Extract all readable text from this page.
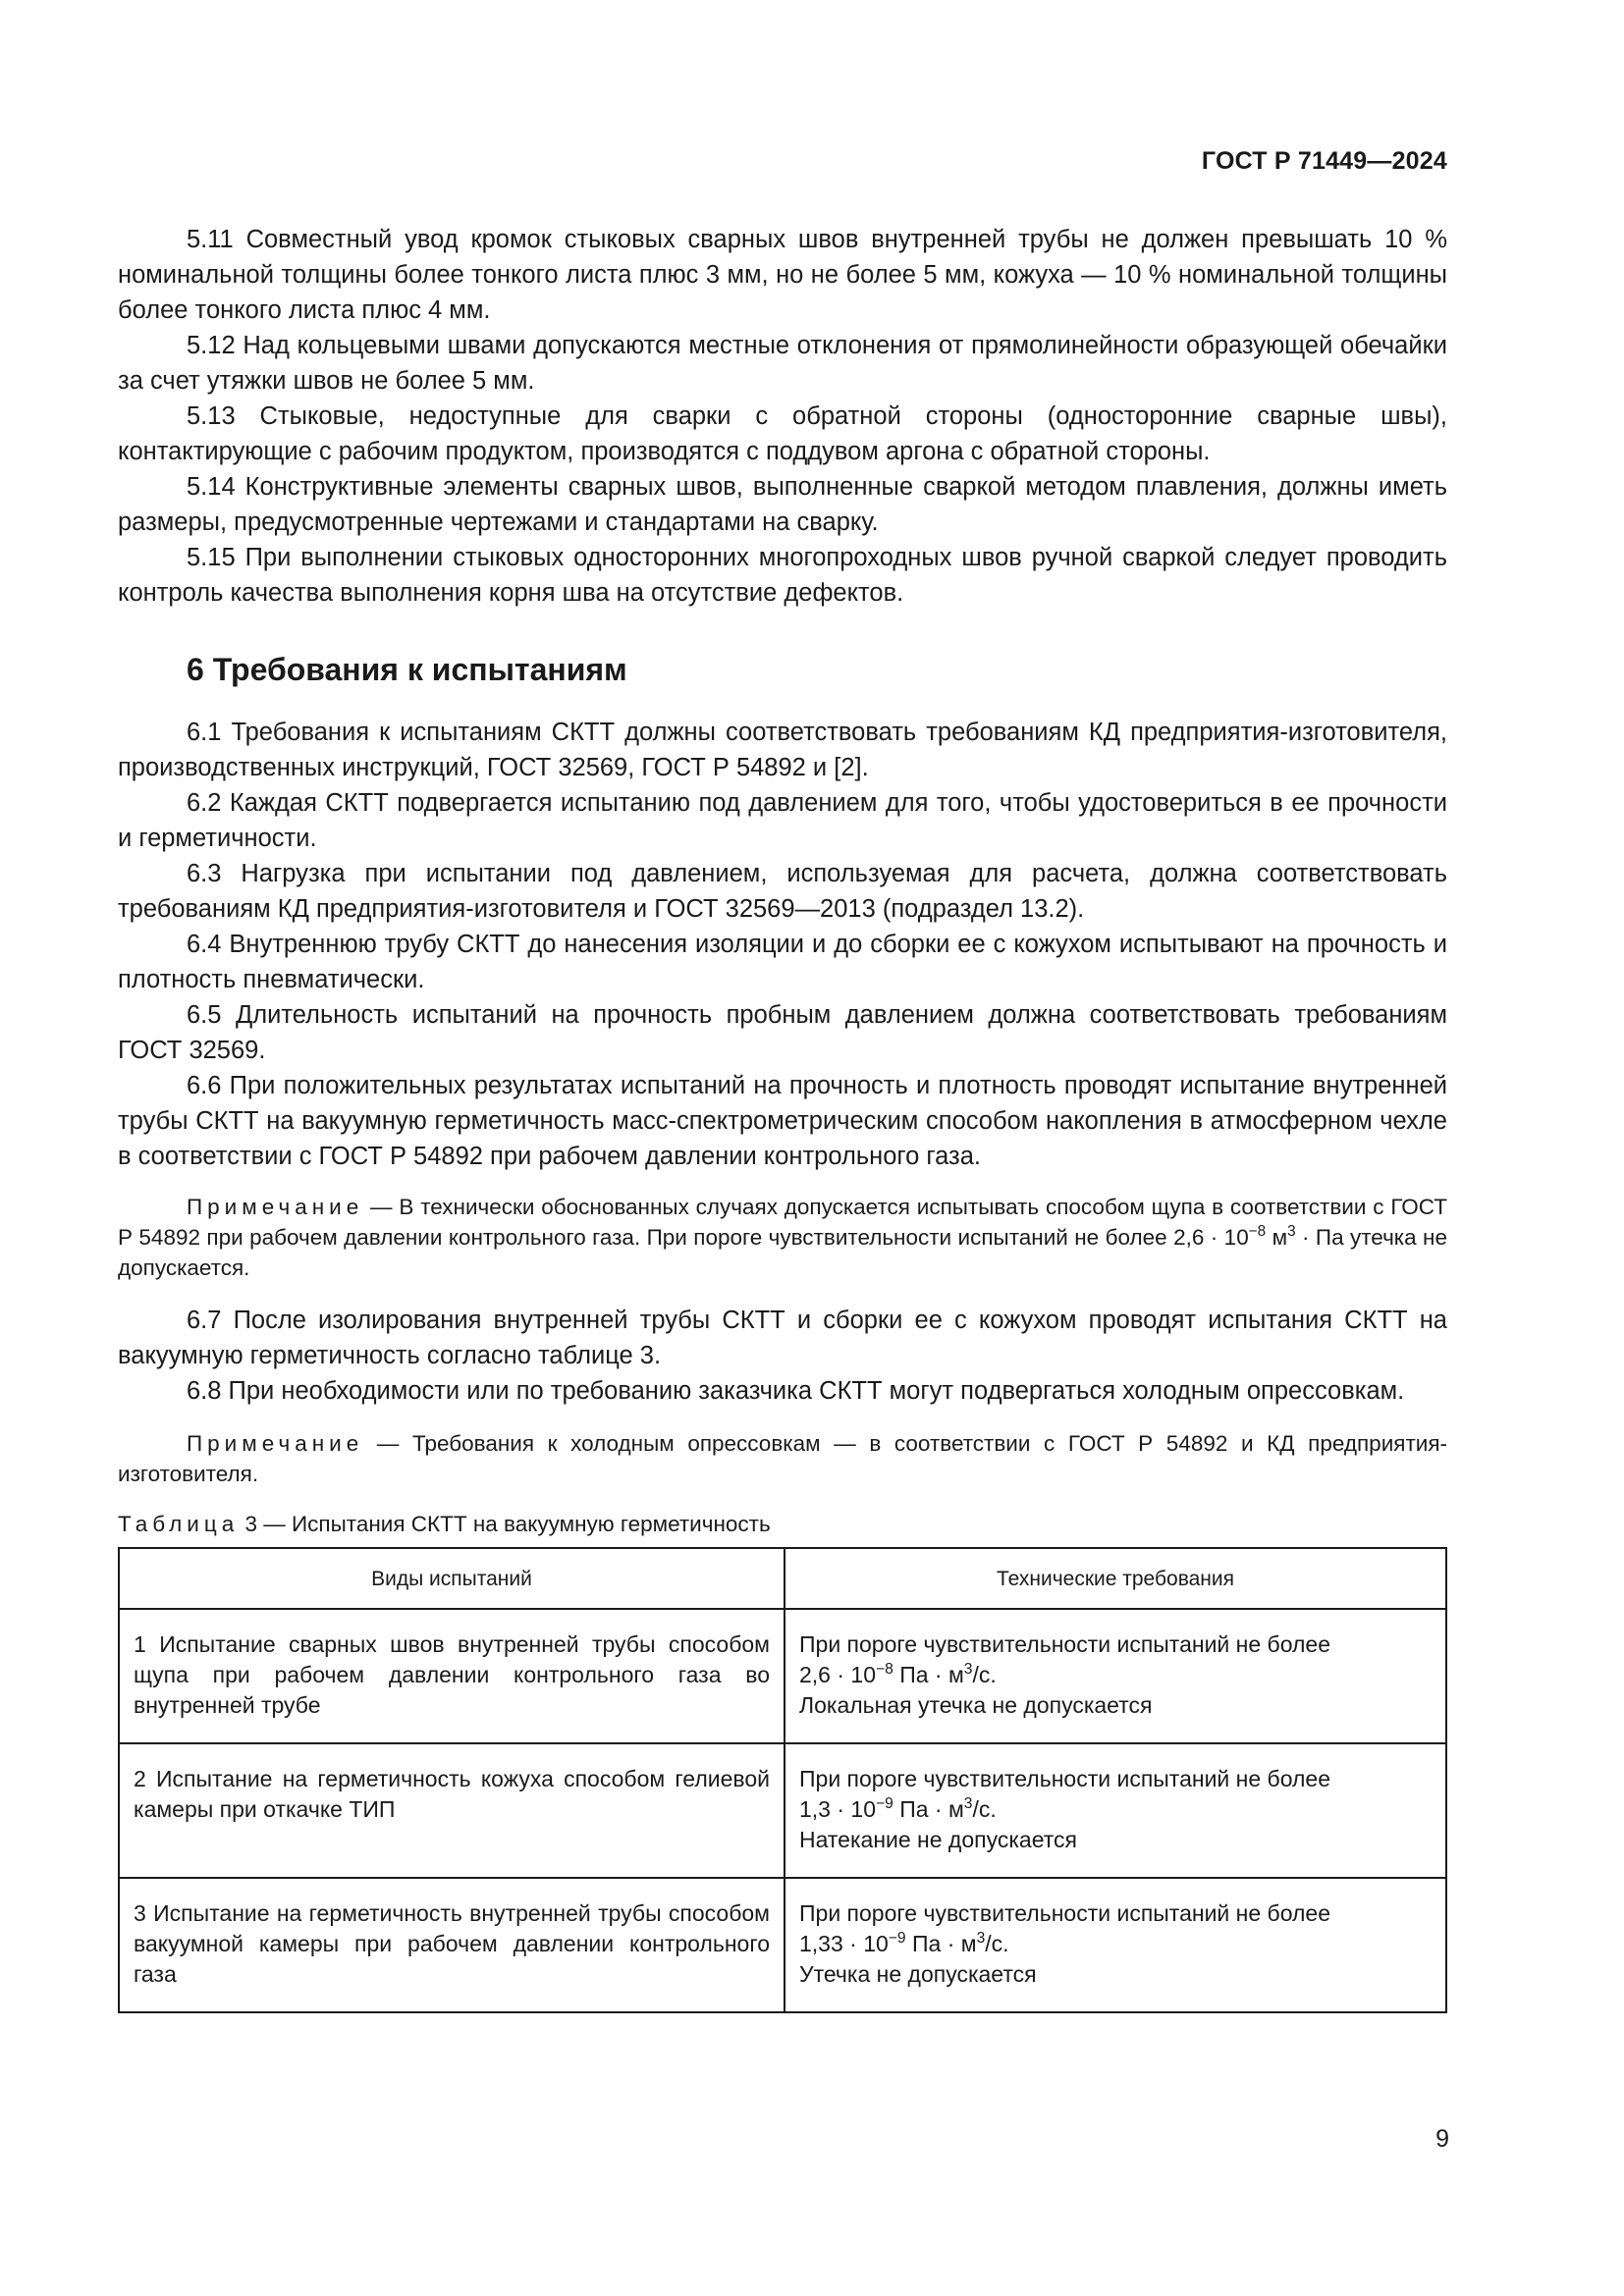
ГОСТ Р 71449—2024

5.11 Совместный увод кромок стыковых сварных швов внутренней трубы не должен превышать 10 % номинальной толщины более тонкого листа плюс 3 мм, но не более 5 мм, кожуха — 10 % номинальной толщины более тонкого листа плюс 4 мм.

5.12 Над кольцевыми швами допускаются местные отклонения от прямолинейности образующей обечайки за счет утяжки швов не более 5 мм.

5.13 Стыковые, недоступные для сварки с обратной стороны (односторонние сварные швы), контактирующие с рабочим продуктом, производятся с поддувом аргона с обратной стороны.

5.14 Конструктивные элементы сварных швов, выполненные сваркой методом плавления, должны иметь размеры, предусмотренные чертежами и стандартами на сварку.

5.15 При выполнении стыковых односторонних многопроходных швов ручной сваркой следует проводить контроль качества выполнения корня шва на отсутствие дефектов.

6 Требования к испытаниям

6.1 Требования к испытаниям СКТТ должны соответствовать требованиям КД предприятия-изготовителя, производственных инструкций, ГОСТ 32569, ГОСТ Р 54892 и [2].

6.2 Каждая СКТТ подвергается испытанию под давлением для того, чтобы удостовериться в ее прочности и герметичности.

6.3 Нагрузка при испытании под давлением, используемая для расчета, должна соответствовать требованиям КД предприятия-изготовителя и ГОСТ 32569—2013 (подраздел 13.2).

6.4 Внутреннюю трубу СКТТ до нанесения изоляции и до сборки ее с кожухом испытывают на прочность и плотность пневматически.

6.5 Длительность испытаний на прочность пробным давлением должна соответствовать требованиям ГОСТ 32569.

6.6 При положительных результатах испытаний на прочность и плотность проводят испытание внутренней трубы СКТТ на вакуумную герметичность масс-спектрометрическим способом накопления в атмосферном чехле в соответствии с ГОСТ Р 54892 при рабочем давлении контрольного газа.

Примечание — В технически обоснованных случаях допускается испытывать способом щупа в соответствии с ГОСТ Р 54892 при рабочем давлении контрольного газа. При пороге чувствительности испытаний не более $2,6 \cdot 10^{-8}$ $м^3$ · Па утечка не допускается.

6.7 После изолирования внутренней трубы СКТТ и сборки ее с кожухом проводят испытания СКТТ на вакуумную герметичность согласно таблице 3.

6.8 При необходимости или по требованию заказчика СКТТ могут подвергаться холодным опрессовкам.

Примечание — Требования к холодным опрессовкам — в соответствии с ГОСТ Р 54892 и КД предприятия-изготовителя.

Таблица 3 — Испытания СКТТ на вакуумную герметичность
Виды испытаний	Технические требования
1 Испытание сварных швов внутренней трубы способом щупа при рабочем давлении контрольного газа во внутренней трубе	При пороге чувствительности испытаний не более
$2,6 \cdot 10^{-8}$ Па · $м^3/с$.
Локальная утечка не допускается

2 Испытание на герметичность кожуха способом гелиевой камеры при откачке ТИП	При пороге чувствительности испытаний не более
$1,3 \cdot 10^{-9}$ Па · $м^3/с$.
Натекание не допускается

3 Испытание на герметичность внутренней трубы способом вакуумной камеры при рабочем давлении контрольного газа	При пороге чувствительности испытаний не более
$1,33 \cdot 10^{-9}$ Па · $м^3/с$.
Утечка не допускается
9
